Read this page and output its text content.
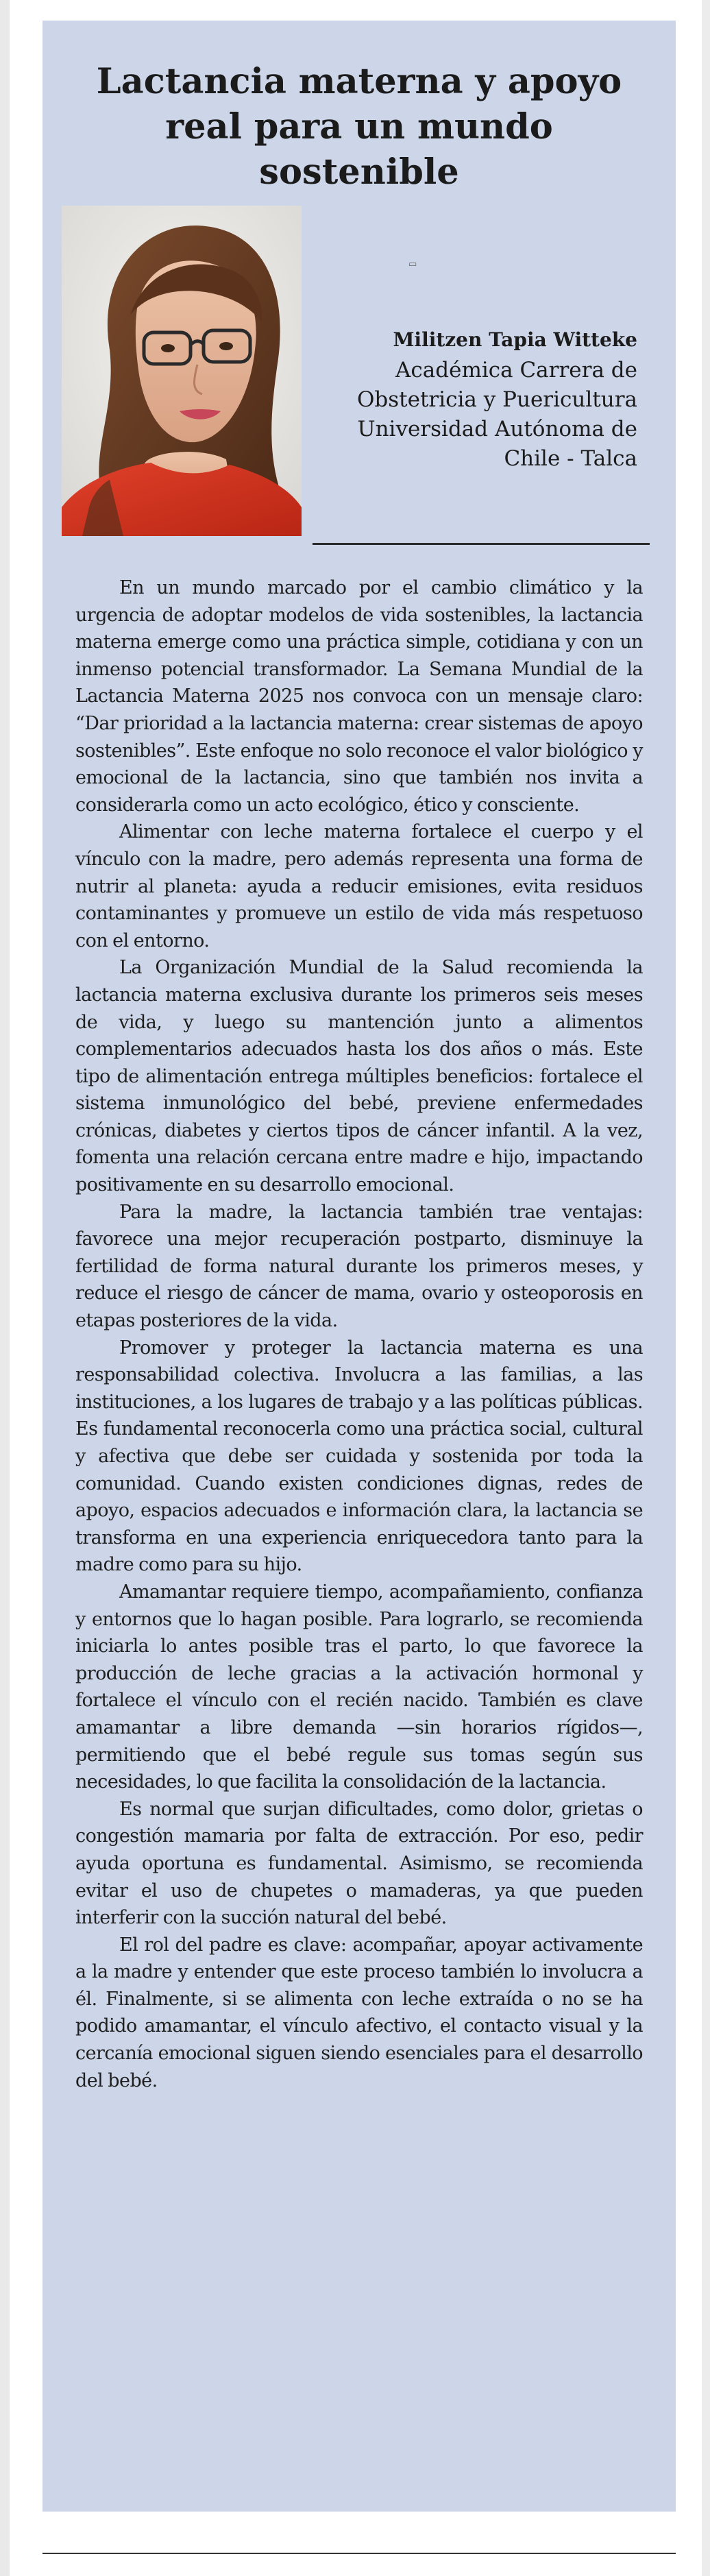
Lactancia materna y apoyo real para un mundo sostenible
▭
Militzen Tapia Witteke
Académica Carrera de
Obstetricia y Puericultura
Universidad Autónoma de
Chile - Talca

En un mundo marcado por el cambio climático y la urgencia de adoptar modelos de vida sostenibles, la lactancia materna emerge como una práctica simple, cotidiana y con un inmenso potencial transformador. La Semana Mundial de la Lactancia Materna 2025 nos convoca con un mensaje claro: “Dar prioridad a la lactancia materna: crear sistemas de apoyo sostenibles”. Este enfoque no solo reconoce el valor biológico y emocional de la lactancia, sino que también nos invita a considerarla como un acto ecológico, ético y consciente.

Alimentar con leche materna fortalece el cuerpo y el vínculo con la madre, pero además representa una forma de nutrir al planeta: ayuda a reducir emisiones, evita residuos contaminantes y promueve un estilo de vida más respetuoso con el entorno.

La Organización Mundial de la Salud recomienda la lactancia materna exclusiva durante los primeros seis meses de vida, y luego su mantención junto a alimentos complementarios adecuados hasta los dos años o más. Este tipo de alimentación entrega múltiples beneficios: fortalece el sistema inmunológico del bebé, previene enfermedades crónicas, diabetes y ciertos tipos de cáncer infantil. A la vez, fomenta una relación cercana entre madre e hijo, impactando positivamente en su desarrollo emocional.

Para la madre, la lactancia también trae ventajas: favorece una mejor recuperación postparto, disminuye la fertilidad de forma natural durante los primeros meses, y reduce el riesgo de cáncer de mama, ovario y osteoporosis en etapas posteriores de la vida.

Promover y proteger la lactancia materna es una responsabilidad colectiva. Involucra a las familias, a las instituciones, a los lugares de trabajo y a las políticas públicas. Es fundamental reconocerla como una práctica social, cultural y afectiva que debe ser cuidada y sostenida por toda la comunidad. Cuando existen condiciones dignas, redes de apoyo, espacios adecuados e información clara, la lactancia se transforma en una experiencia enriquecedora tanto para la madre como para su hijo.

Amamantar requiere tiempo, acompañamiento, confianza y entornos que lo hagan posible. Para lograrlo, se recomienda iniciarla lo antes posible tras el parto, lo que favorece la producción de leche gracias a la activación hormonal y fortalece el vínculo con el recién nacido. También es clave amamantar a libre demanda —sin horarios rígidos—, permitiendo que el bebé regule sus tomas según sus necesidades, lo que facilita la consolidación de la lactancia.

Es normal que surjan dificultades, como dolor, grietas o congestión mamaria por falta de extracción. Por eso, pedir ayuda oportuna es fundamental. Asimismo, se recomienda evitar el uso de chupetes o mamaderas, ya que pueden interferir con la succión natural del bebé.

El rol del padre es clave: acompañar, apoyar activamente a la madre y entender que este proceso también lo involucra a él. Finalmente, si se alimenta con leche extraída o no se ha podido amamantar, el vínculo afectivo, el contacto visual y la cercanía emocional siguen siendo esenciales para el desarrollo del bebé.
